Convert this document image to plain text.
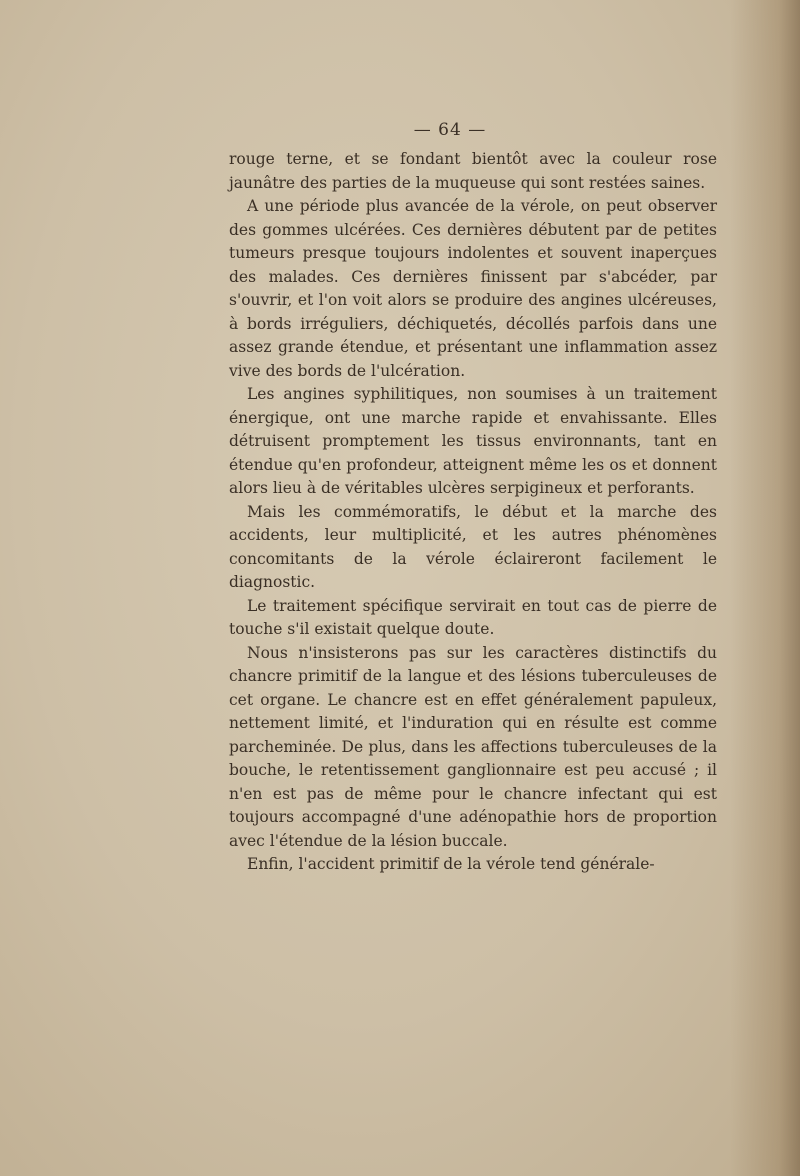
— 64 —

rouge terne, et se fondant bientôt avec la couleur rose jaunâtre des parties de la muqueuse qui sont restées saines.

A une période plus avancée de la vérole, on peut observer des gommes ulcérées. Ces dernières débutent par de petites tumeurs presque toujours indolentes et souvent inaperçues des malades. Ces dernières finissent par s'abcéder, par s'ouvrir, et l'on voit alors se produire des angines ulcéreuses, à bords irréguliers, déchiquetés, décollés parfois dans une assez grande étendue, et présentant une inflammation assez vive des bords de l'ulcération.

Les angines syphilitiques, non soumises à un traitement énergique, ont une marche rapide et envahissante. Elles détruisent promptement les tissus environnants, tant en étendue qu'en profondeur, atteignent même les os et donnent alors lieu à de véritables ulcères serpigineux et perforants.

Mais les commémoratifs, le début et la marche des accidents, leur multiplicité, et les autres phénomènes concomitants de la vérole éclaireront facilement le diagnostic.

Le traitement spécifique servirait en tout cas de pierre de touche s'il existait quelque doute.

Nous n'insisterons pas sur les caractères distinctifs du chancre primitif de la langue et des lésions tuberculeuses de cet organe. Le chancre est en effet généralement papuleux, nettement limité, et l'induration qui en résulte est comme parcheminée. De plus, dans les affections tuberculeuses de la bouche, le retentissement ganglionnaire est peu accusé ; il n'en est pas de même pour le chancre infectant qui est toujours accompagné d'une adénopathie hors de proportion avec l'étendue de la lésion buccale.

Enfin, l'accident primitif de la vérole tend générale-
